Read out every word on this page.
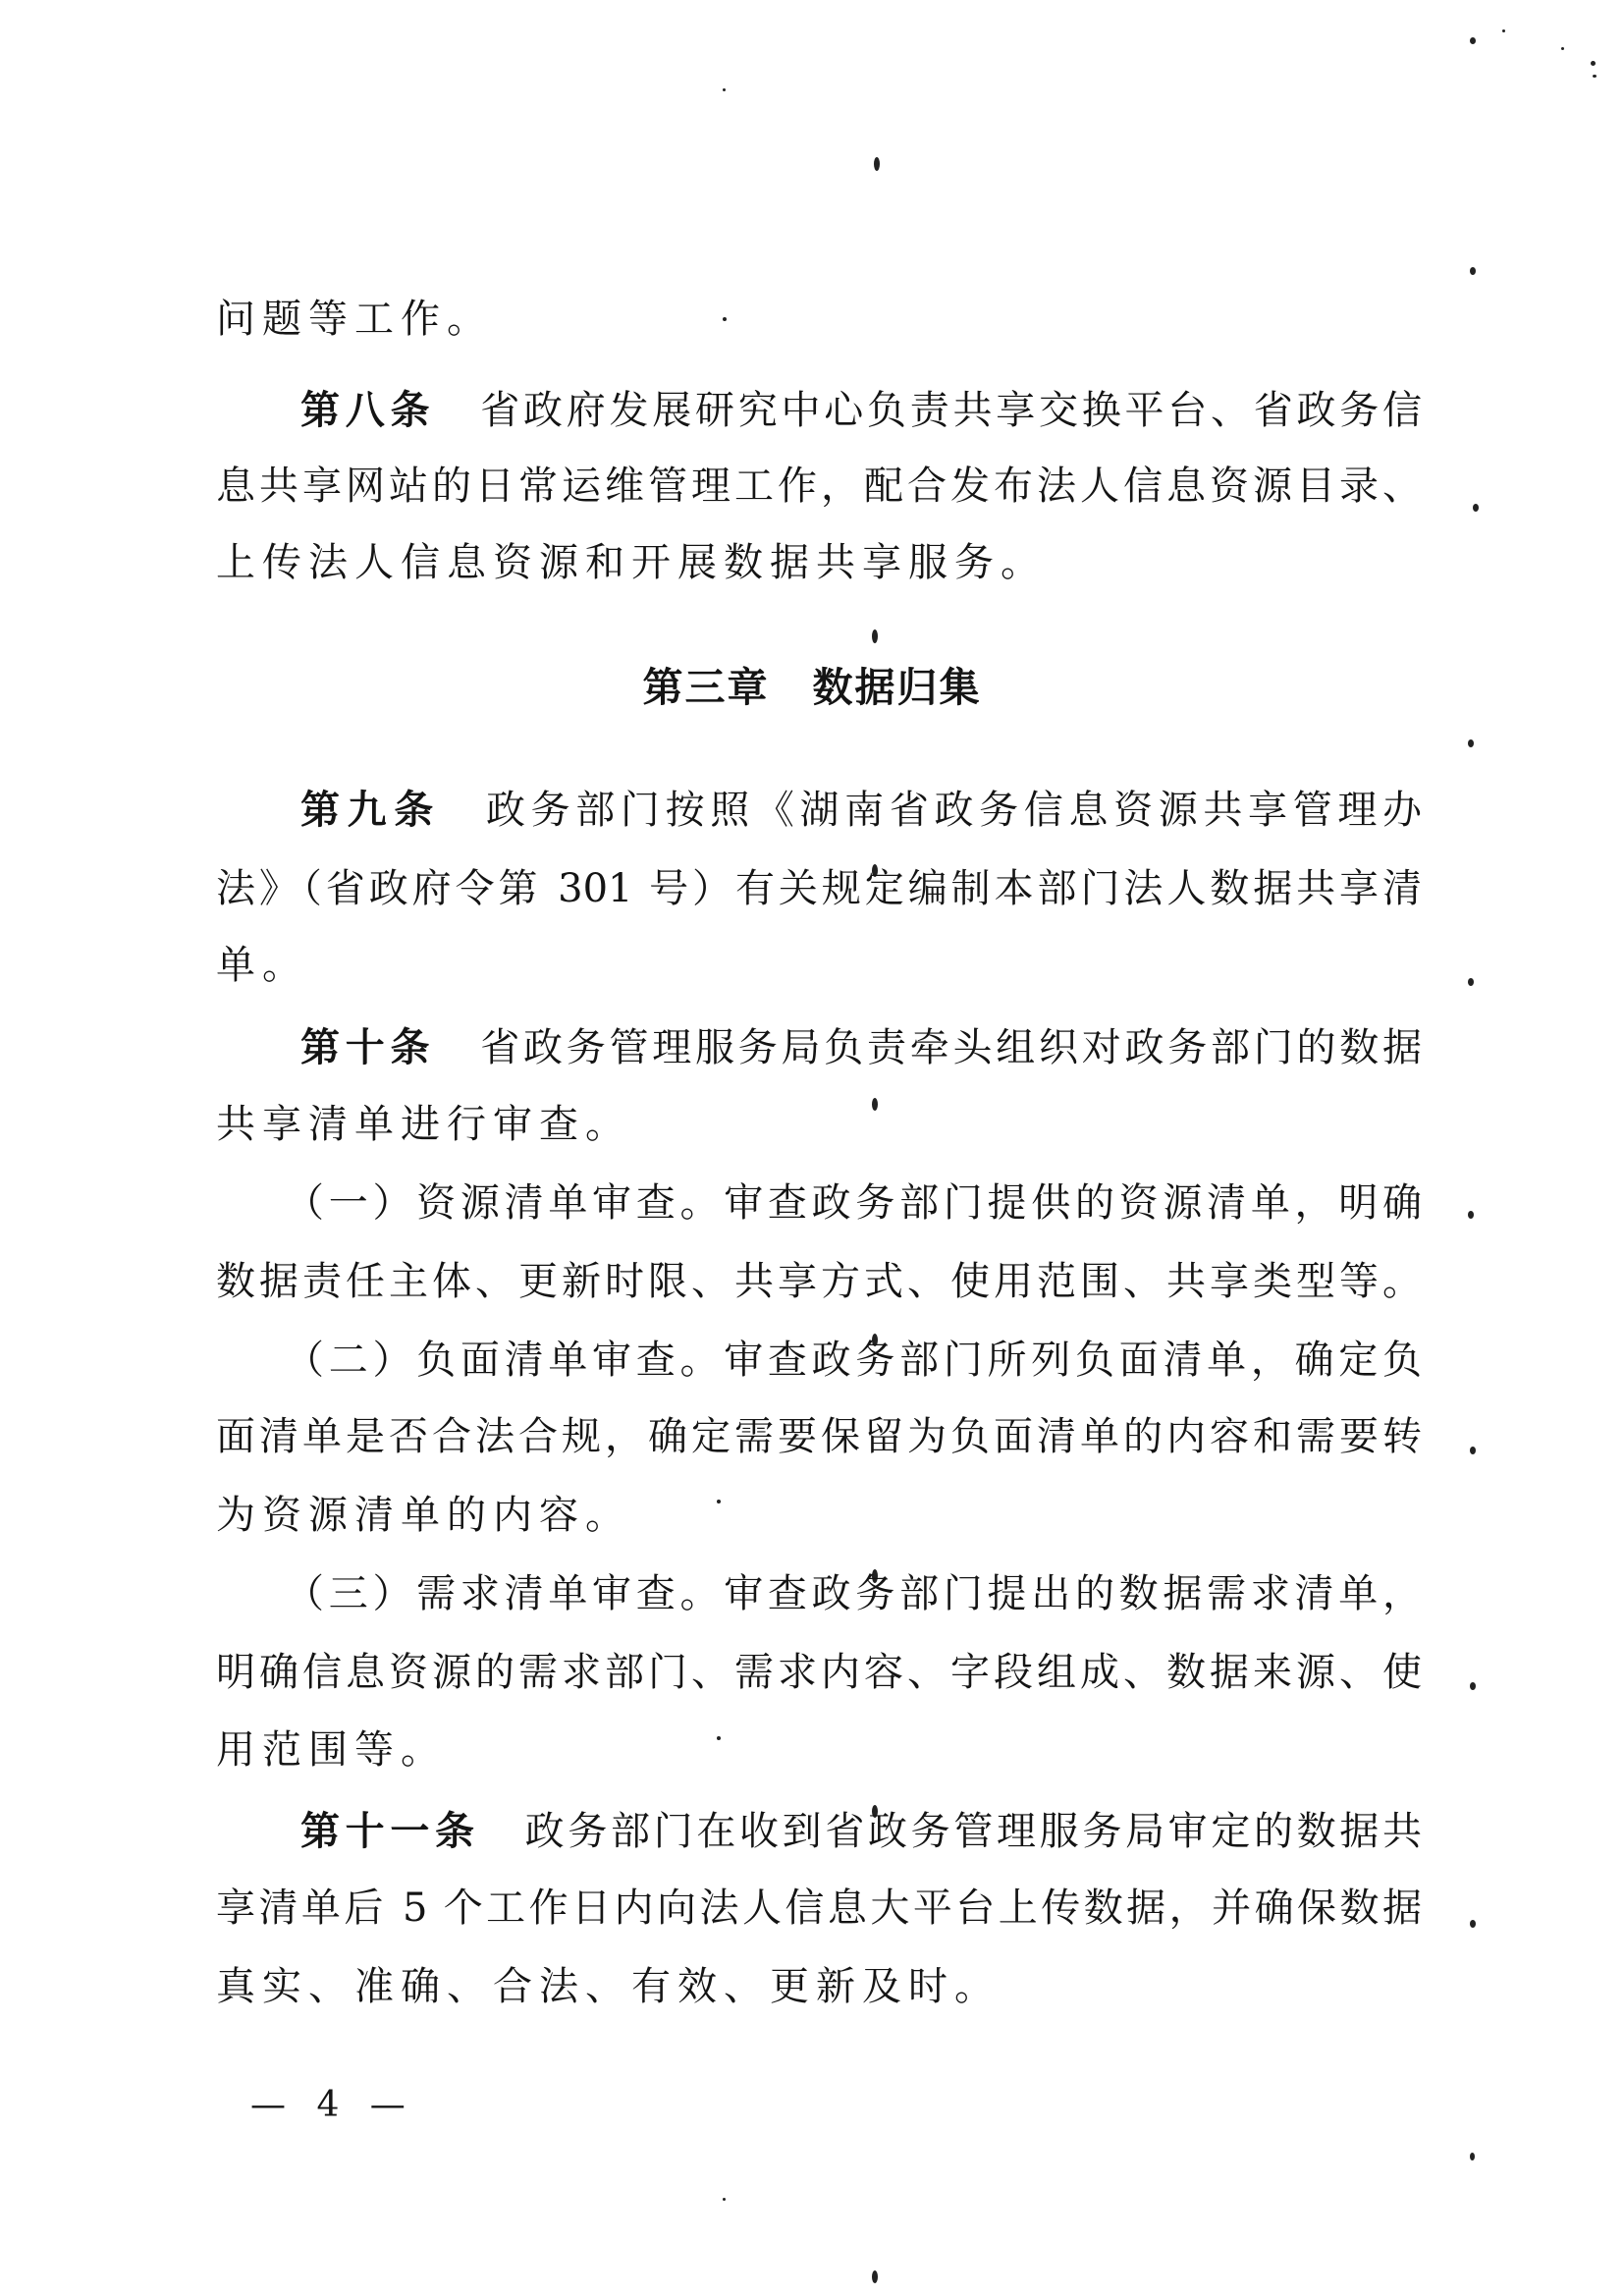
问题等工作。
第八条 省政府发展研究中心负责共享交换平台、省政务信
息共享网站的日常运维管理工作，配合发布法人信息资源目录、
上传法人信息资源和开展数据共享服务。
第三章 数据归集
第九条 政务部门按照《湖南省政务信息资源共享管理办
法》（省政府令第 301 号）有关规定编制本部门法人数据共享清
单。
第十条 省政务管理服务局负责牵头组织对政务部门的数据
共享清单进行审查。
（一）资源清单审查。审查政务部门提供的资源清单，明确
数据责任主体、更新时限、共享方式、使用范围、共享类型等。
（二）负面清单审查。审查政务部门所列负面清单，确定负
面清单是否合法合规，确定需要保留为负面清单的内容和需要转
为资源清单的内容。
（三）需求清单审查。审查政务部门提出的数据需求清单，
明确信息资源的需求部门、需求内容、字段组成、数据来源、使
用范围等。
第十一条 政务部门在收到省政务管理服务局审定的数据共
享清单后 5 个工作日内向法人信息大平台上传数据，并确保数据
真实、准确、合法、有效、更新及时。
— 4 —
